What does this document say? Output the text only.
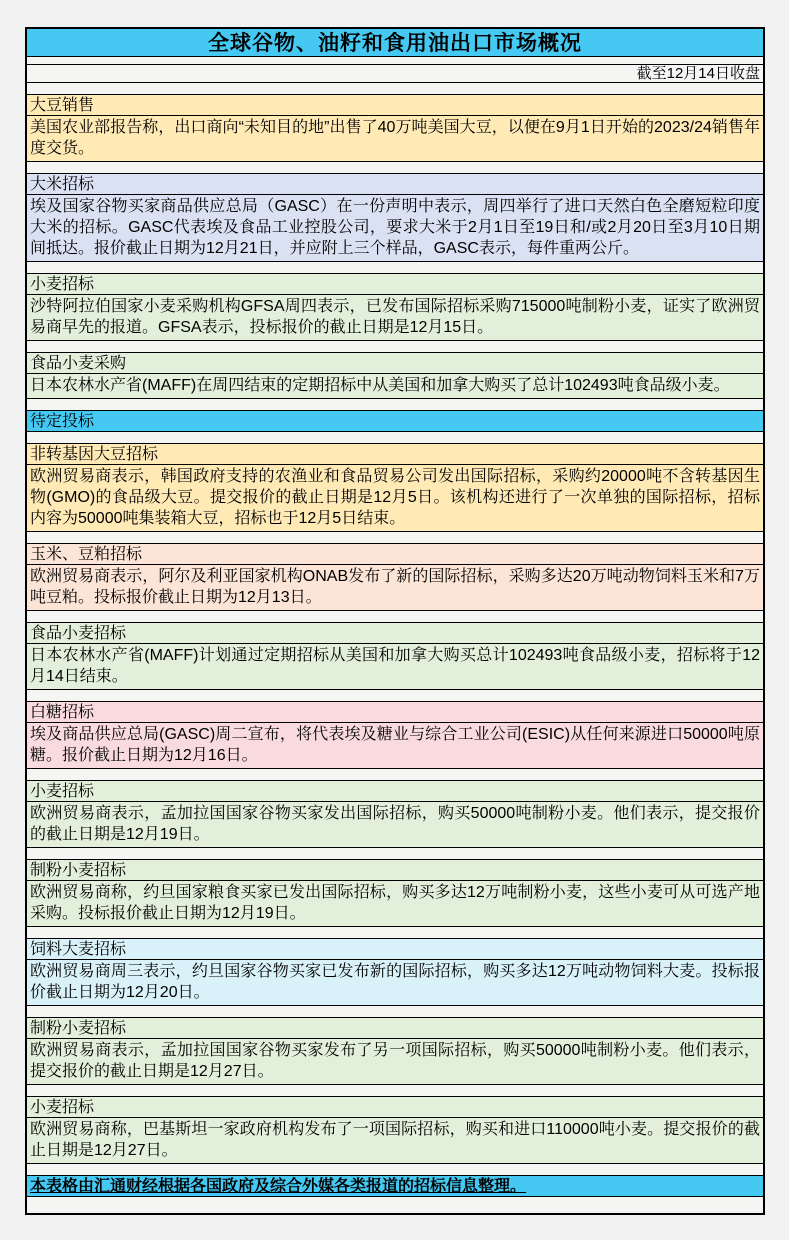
全球谷物、油籽和食用油出口市场概况
截至12月14日收盘
大豆销售
美国农业部报告称，出口商向“未知目的地”出售了40万吨美国大豆，以便在9月1日开始的2023/24销售年度交货。
大米招标
埃及国家谷物买家商品供应总局（GASC）在一份声明中表示，周四举行了进口天然白色全磨短粒印度大米的招标。GASC代表埃及食品工业控股公司，要求大米于2月1日至19日和/或2月20日至3月10日期间抵达。报价截止日期为12月21日，并应附上三个样品，GASC表示，每件重两公斤。
小麦招标
沙特阿拉伯国家小麦采购机构GFSA周四表示，已发布国际招标采购715000吨制粉小麦，证实了欧洲贸易商早先的报道。GFSA表示，投标报价的截止日期是12月15日。
食品小麦采购
日本农林水产省(MAFF)在周四结束的定期招标中从美国和加拿大购买了总计102493吨食品级小麦。
待定投标
非转基因大豆招标
欧洲贸易商表示，韩国政府支持的农渔业和食品贸易公司发出国际招标，采购约20000吨不含转基因生物(GMO)的食品级大豆。提交报价的截止日期是12月5日。该机构还进行了一次单独的国际招标，招标内容为50000吨集装箱大豆，招标也于12月5日结束。
玉米、豆粕招标
欧洲贸易商表示，阿尔及利亚国家机构ONAB发布了新的国际招标，采购多达20万吨动物饲料玉米和7万吨豆粕。投标报价截止日期为12月13日。
食品小麦招标
日本农林水产省(MAFF)计划通过定期招标从美国和加拿大购买总计102493吨食品级小麦，招标将于12月14日结束。
白糖招标
埃及商品供应总局(GASC)周二宣布，将代表埃及糖业与综合工业公司(ESIC)从任何来源进口50000吨原糖。报价截止日期为12月16日。
小麦招标
欧洲贸易商表示，孟加拉国国家谷物买家发出国际招标，购买50000吨制粉小麦。他们表示，提交报价的截止日期是12月19日。
制粉小麦招标
欧洲贸易商称，约旦国家粮食买家已发出国际招标，购买多达12万吨制粉小麦，这些小麦可从可选产地采购。投标报价截止日期为12月19日。
饲料大麦招标
欧洲贸易商周三表示，约旦国家谷物买家已发布新的国际招标，购买多达12万吨动物饲料大麦。投标报价截止日期为12月20日。
制粉小麦招标
欧洲贸易商表示，孟加拉国国家谷物买家发布了另一项国际招标，购买50000吨制粉小麦。他们表示，提交报价的截止日期是12月27日。
小麦招标
欧洲贸易商称，巴基斯坦一家政府机构发布了一项国际招标，购买和进口110000吨小麦。提交报价的截止日期是12月27日。
本表格由汇通财经根据各国政府及综合外媒各类报道的招标信息整理。
